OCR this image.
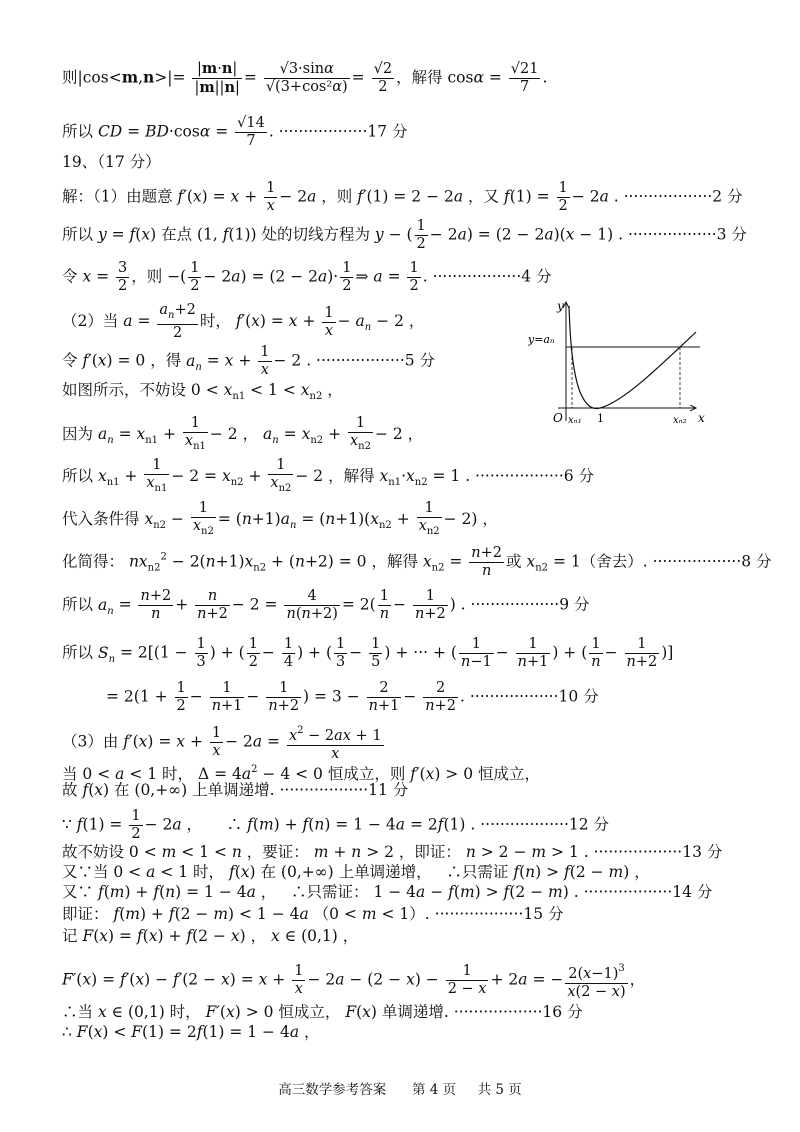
则$|\cos<m,n>|= \frac{|m\cdot n|}{|m||n|} = \frac{√3\cdot\sin\alpha}{\text{√(3+cos²α)}} = \frac{√2}{2}$ ，解得 $\cos\alpha = \frac{√21}{7}$ .
所以 CD = $BD\cdot\cos\alpha = \frac{√14}{7}$ . ··················17 分
19、（17 分）
解：（1）由题意 $f'(x) = x + \frac{1}{x} - 2a$ ，则 f′(1) = 2 − 2a ，又 $f(1) = \frac{1}{2} - 2a$ . ··················2 分
所以 y = f(x) 在点 (1, f(1)) 处的切线方程为 y − ( $\frac{1}{2} - 2a) = (2 - 2a)(x - 1)$ . ··················3 分
令 $x = \frac{3}{2}$ ，则 −( $\frac{1}{2} - 2a) = (2 - 2a)\cdot \frac{1}{2}$ ⇒ $a = \frac{1}{2}$ . ··················4 分
（2）当 $a = \frac{a_n+2}{2}$ 时， $f'(x) = x + \frac{1}{x} - a_n - 2$ ，
令 f′(x) = 0 ，得 $a_n = x + \frac{1}{x} - 2$ . ··················5 分
如图所示，不妨设 $0 < x_{n1} < 1 < x_{n2}$ ，
因为 $a_n = x_{n1} + \frac{1}{x_{n1}} - 2$ ， $a_n = x_{n2} + \frac{1}{x_{n2}} - 2$ ，
所以 $x_{n1} + \frac{1}{x_{n1}} - 2 = x_{n2} + \frac{1}{x_{n2}} - 2$ ，解得 $x_{n1}\cdot x_{n2} = 1$ . ··················6 分
代入条件得 $x_{n2} - \frac{1}{x_{n2}} = (n+1)a_n = (n+1)(x_{n2} + \frac{1}{x_{n2}} - 2)$ ，
化简得： $nx_{n2}^2 - 2(n+1)x_{n2} + (n+2) = 0$ ，解得 $x_{n2} = \frac{n+2}{n}$ 或 $x_{n2} = 1$（舍去）. ··················8 分
所以 $a_n = \frac{n+2}{n} + \frac{n}{n+2} - 2 = \frac{4}{n(n+2)} = 2( \frac{1}{n} - \frac{1}{n+2}$ ) . ··················9 分
所以 $S_n = 2[(1 - \frac{1}{3}$ ) + ( $\frac{1}{2} - \frac{1}{4}$ ) + ( $\frac{1}{3} - \frac{1}{5}$ ) + ··· + ( $\frac{1}{n-1} - \frac{1}{n+1}$ ) + ( $\frac{1}{n} - \frac{1}{n+2}$ )]
= $2(1 + \frac{1}{2} - \frac{1}{n+1} - \frac{1}{n+2}$ ) = $3 - \frac{2}{n+1} - \frac{2}{n+2}$ . ··················10 分
（3）由 $f'(x) = x + \frac{1}{x} - 2a = \frac{x^2 - 2ax + 1}{x}$
当 0 < a < 1 时， $\Delta = 4a^2 - 4 < 0$ 恒成立，则 f′(x) > 0 恒成立，
故 f(x) 在 (0,+∞) 上单调递增. ··················11 分
∵ $f(1) = \frac{1}{2} - 2a$ ，     ∴ f(m) + f(n) = 1 − 4a = 2f(1) . ··················12 分
故不妨设 0 < m < 1 < n ，要证： m + n > 2 ，即证： n > 2 − m > 1 . ··················13 分
又∵当 0 < a < 1 时， f(x) 在 (0,+∞) 上单调递增，   ∴只需证 f(n) > f(2 − m) ，
又∵ f(m) + f(n) = 1 − 4a ，   ∴只需证： 1 − 4a − f(m) > f(2 − m) . ··················14 分
即证： f(m) + f(2 − m) < 1 − 4a （0 < m < 1）. ··················15 分
记 F(x) = f(x) + f(2 − x) ， x ∈ (0,1) ，
$F'(x) = f'(x) - f'(2 - x) = x + \frac{1}{x} - 2a - (2 - x) - \frac{1}{2 - x} + 2a$ = − $\frac{2(x-1)^3}{x(2 - x)}$ ，
∴当 x ∈ (0,1) 时， F′(x) > 0 恒成立， F(x) 单调递增. ··················16 分
∴ F(x) < F(1) = 2f(1) = 1 − 4a ，
y
x
y=aₙ
O xₙ₁ 1	xₙ₂
高三数学参考答案 第 4 页 共 5 页
